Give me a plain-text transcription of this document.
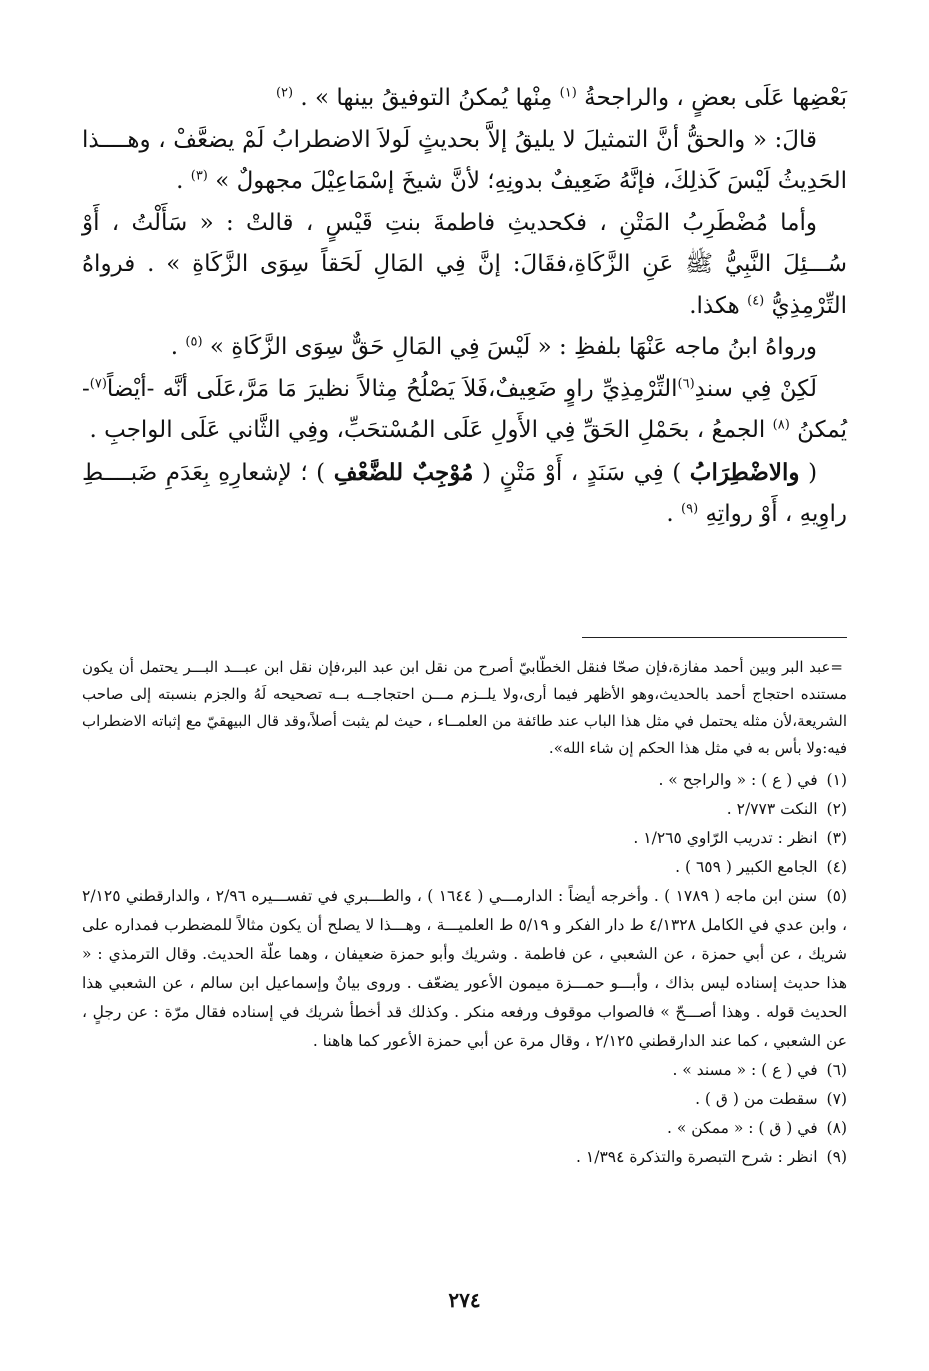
بَعْضِها عَلَى بعضٍ ، والراجحةُ $^{(١)}$ مِنْها يُمكنُ التوفيقُ بينها » . $^{(٢)}$

قالَ: « والحقُّ أنَّ التمثيلَ لا يليقُ إلاَّ بحديثٍ لَولاَ الاضطرابُ لَمْ يضعَّفْ ، وهــــذا الحَدِيثُ لَيْسَ كَذلِكَ، فإنَّهُ ضَعِيفٌ بدونِهِ؛ لأنَّ شيخَ إسْمَاعِيْلَ مجهولٌ » $^{(٣)}$ .

وأما مُضْطَرِبُ المَتْنِ ، فكحديثِ فاطمةَ بنتِ قَيْسٍ ، قالتْ : « سَأَلْتُ ، أَوْ سُـــئِلَ النَّبِيُّ ﷺ عَنِ الزَّكَاةِ،فقَالَ: إنَّ فِي المَالِ لَحَقاً سِوَى الزَّكَاةِ » . فرواهُ التِّرْمِذِيُّ $^{(٤)}$ هكذا.

ورواهُ ابنُ ماجه عَنْهَا بلفظِ : « لَيْسَ فِي المَالِ حَقٌّ سِوَى الزَّكَاةِ » $^{(٥)}$ .

لَكِنْ فِي سندِ$^{(٦)}$التِّرْمِذِيِّ راوٍ ضَعِيفٌ،فَلاَ يَصْلُحُ مِثالاً نظيرَ مَا مَرَّ،عَلَى أنَّه -أيْضاً$^{(٧)}$- يُمكنُ $^{(٨)}$ الجمعُ ، بحَمْلِ الحَقِّ فِي الأَولِ عَلَى المُسْتحَبِّ، وفِي الثَّاني عَلَى الواجبِ .

( والاضْطِرَابُ ) فِي سَنَدٍ ، أَوْ مَتْنٍ ( مُوْجِبٌ للضَّعْفِ ) ؛ لإشعارِهِ بِعَدَمِ ضَبــــطِ راوِيهِ ، أَوْ رواتِهِ $^{(٩)}$ .

=عبد البر وبين أحمد مفازة،فإن صحّا فنقل الخطّابيّ أصرح من نقل ابن عبد البر،فإن نقل ابن عبـــد البـــر يحتمل أن يكون مستنده احتجاج أحمد بالحديث،وهو الأظهر فيما أرى،ولا يلــزم مـــن احتجاجــه بــه تصحيحه لَهُ والجزم بنسبته إلى صاحب الشريعة،لأن مثله يحتمل في مثل هذا الباب عند طائفة من العلمــاء ، حيث لم يثبت أصلاً،وقد قال البيهقيّ مع إثباته الاضطراب فيه:ولا بأس به في مثل هذا الحكم إن شاء الله».

(١) في ( ع ) : « والراجح » .
(٢) النكت ٢/٧٧٣ .
(٣) انظر : تدريب الرّاوي ١/٢٦٥ .
(٤) الجامع الكبير ( ٦٥٩ ) .
(٥) سنن ابن ماجه ( ١٧٨٩ ) . وأخرجه أيضاً : الدارمـــي ( ١٦٤٤ ) ، والطـــبري في تفســـيره ٢/٩٦ ، والدارقطني ٢/١٢٥ ، وابن عدي في الكامل ٤/١٣٢٨ ط دار الفكر و ٥/١٩ ط العلميـــة ، وهـــذا لا يصلح أن يكون مثالاً للمضطرب فمداره على شريك ، عن أبي حمزة ، عن الشعبي ، عن فاطمة . وشريك وأبو حمزة ضعيفان ، وهما علّة الحديث. وقال الترمذي : « هذا حديث إسناده ليس بذاك ، وأبـــو حمـــزة ميمون الأعور يضعّف . وروى بيانٌ وإسماعيل ابن سالم ، عن الشعبي هذا الحديث قوله . وهذا أصـــحّ » فالصواب موقوف ورفعه منكر . وكذلك قد أخطأ شريك في إسناده فقال مرّة : عن رجلٍ ، عن الشعبي ، كما عند الدارقطني ٢/١٢٥ ، وقال مرة عن أبي حمزة الأعور كما هاهنا .
(٦) في ( ع ) : « مسند » .
(٧) سقطت من ( ق ) .
(٨) في ( ق ) : « ممكن » .
(٩) انظر : شرح التبصرة والتذكرة ١/٣٩٤ .
٢٧٤
